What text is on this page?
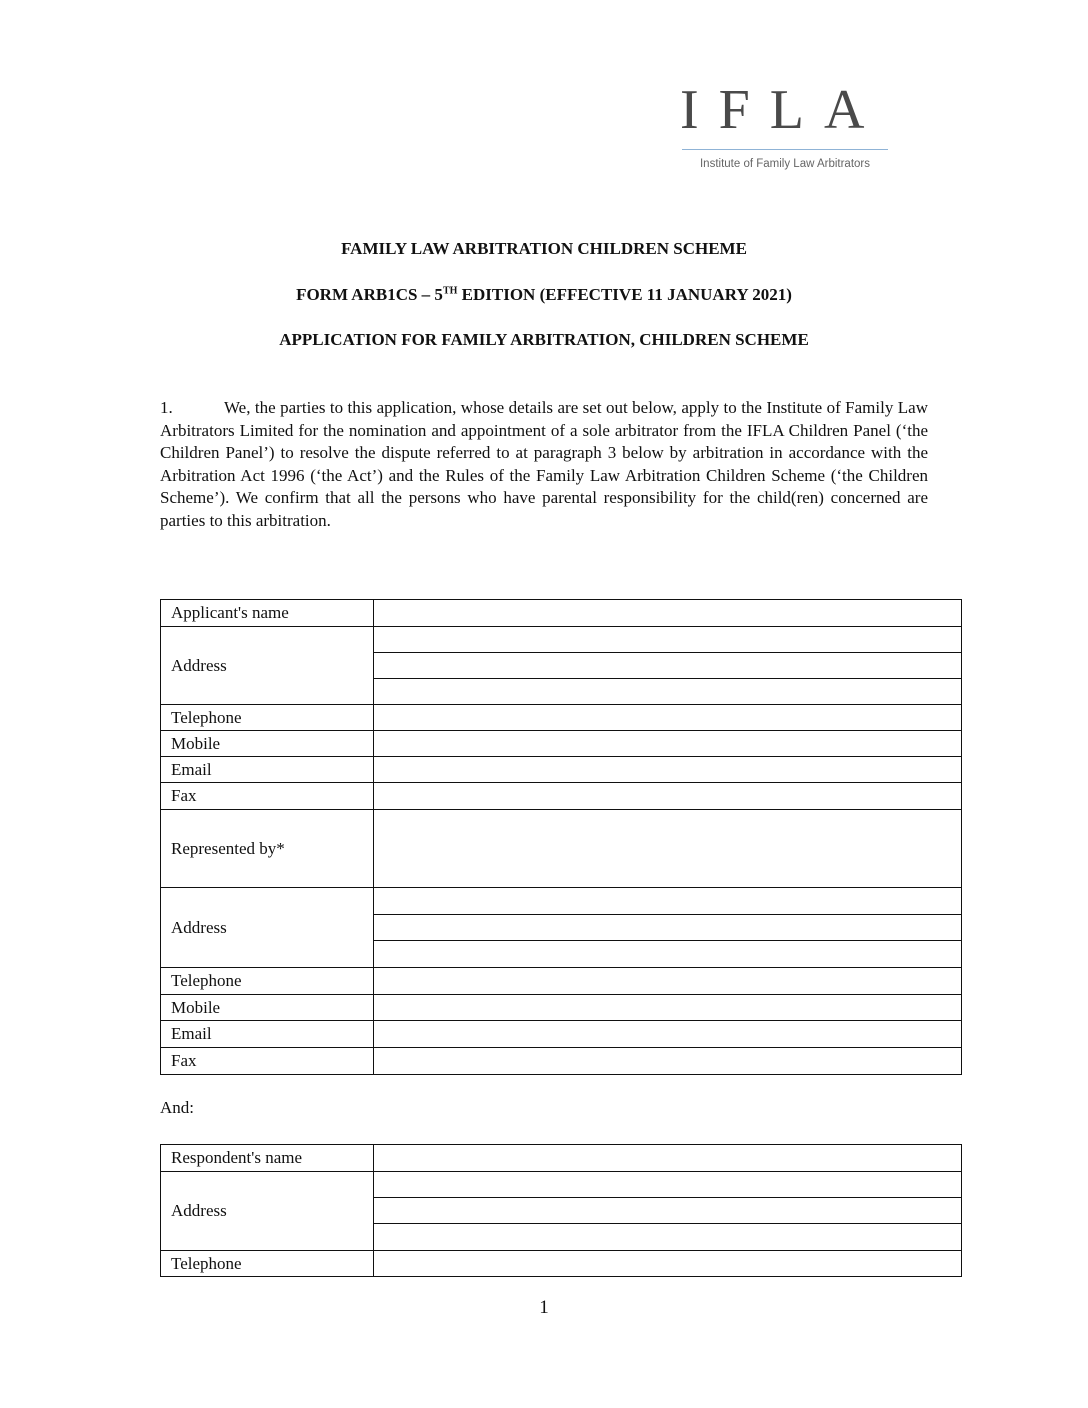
IFLA
Institute of Family Law Arbitrators
FAMILY LAW ARBITRATION CHILDREN SCHEME
FORM ARB1CS – 5TH EDITION (EFFECTIVE 11 JANUARY 2021)
APPLICATION FOR FAMILY ARBITRATION, CHILDREN SCHEME
1.	We, the parties to this application, whose details are set out below, apply to the Institute of Family Law Arbitrators Limited for the nomination and appointment of a sole arbitrator from the IFLA Children Panel (‘the Children Panel’) to resolve the dispute referred to at paragraph 3 below by arbitration in accordance with the Arbitration Act 1996 (‘the Act’) and the Rules of the Family Law Arbitration Children Scheme (‘the Children Scheme’). We confirm that all the persons who have parental responsibility for the child(ren) concerned are parties to this arbitration.
Applicant's name	
Address	

Telephone	
Mobile	
Email	
Fax	
Represented by*	
Address	

Telephone	
Mobile	
Email	
Fax	
And:
Respondent's name	
Address	

Telephone	
1
